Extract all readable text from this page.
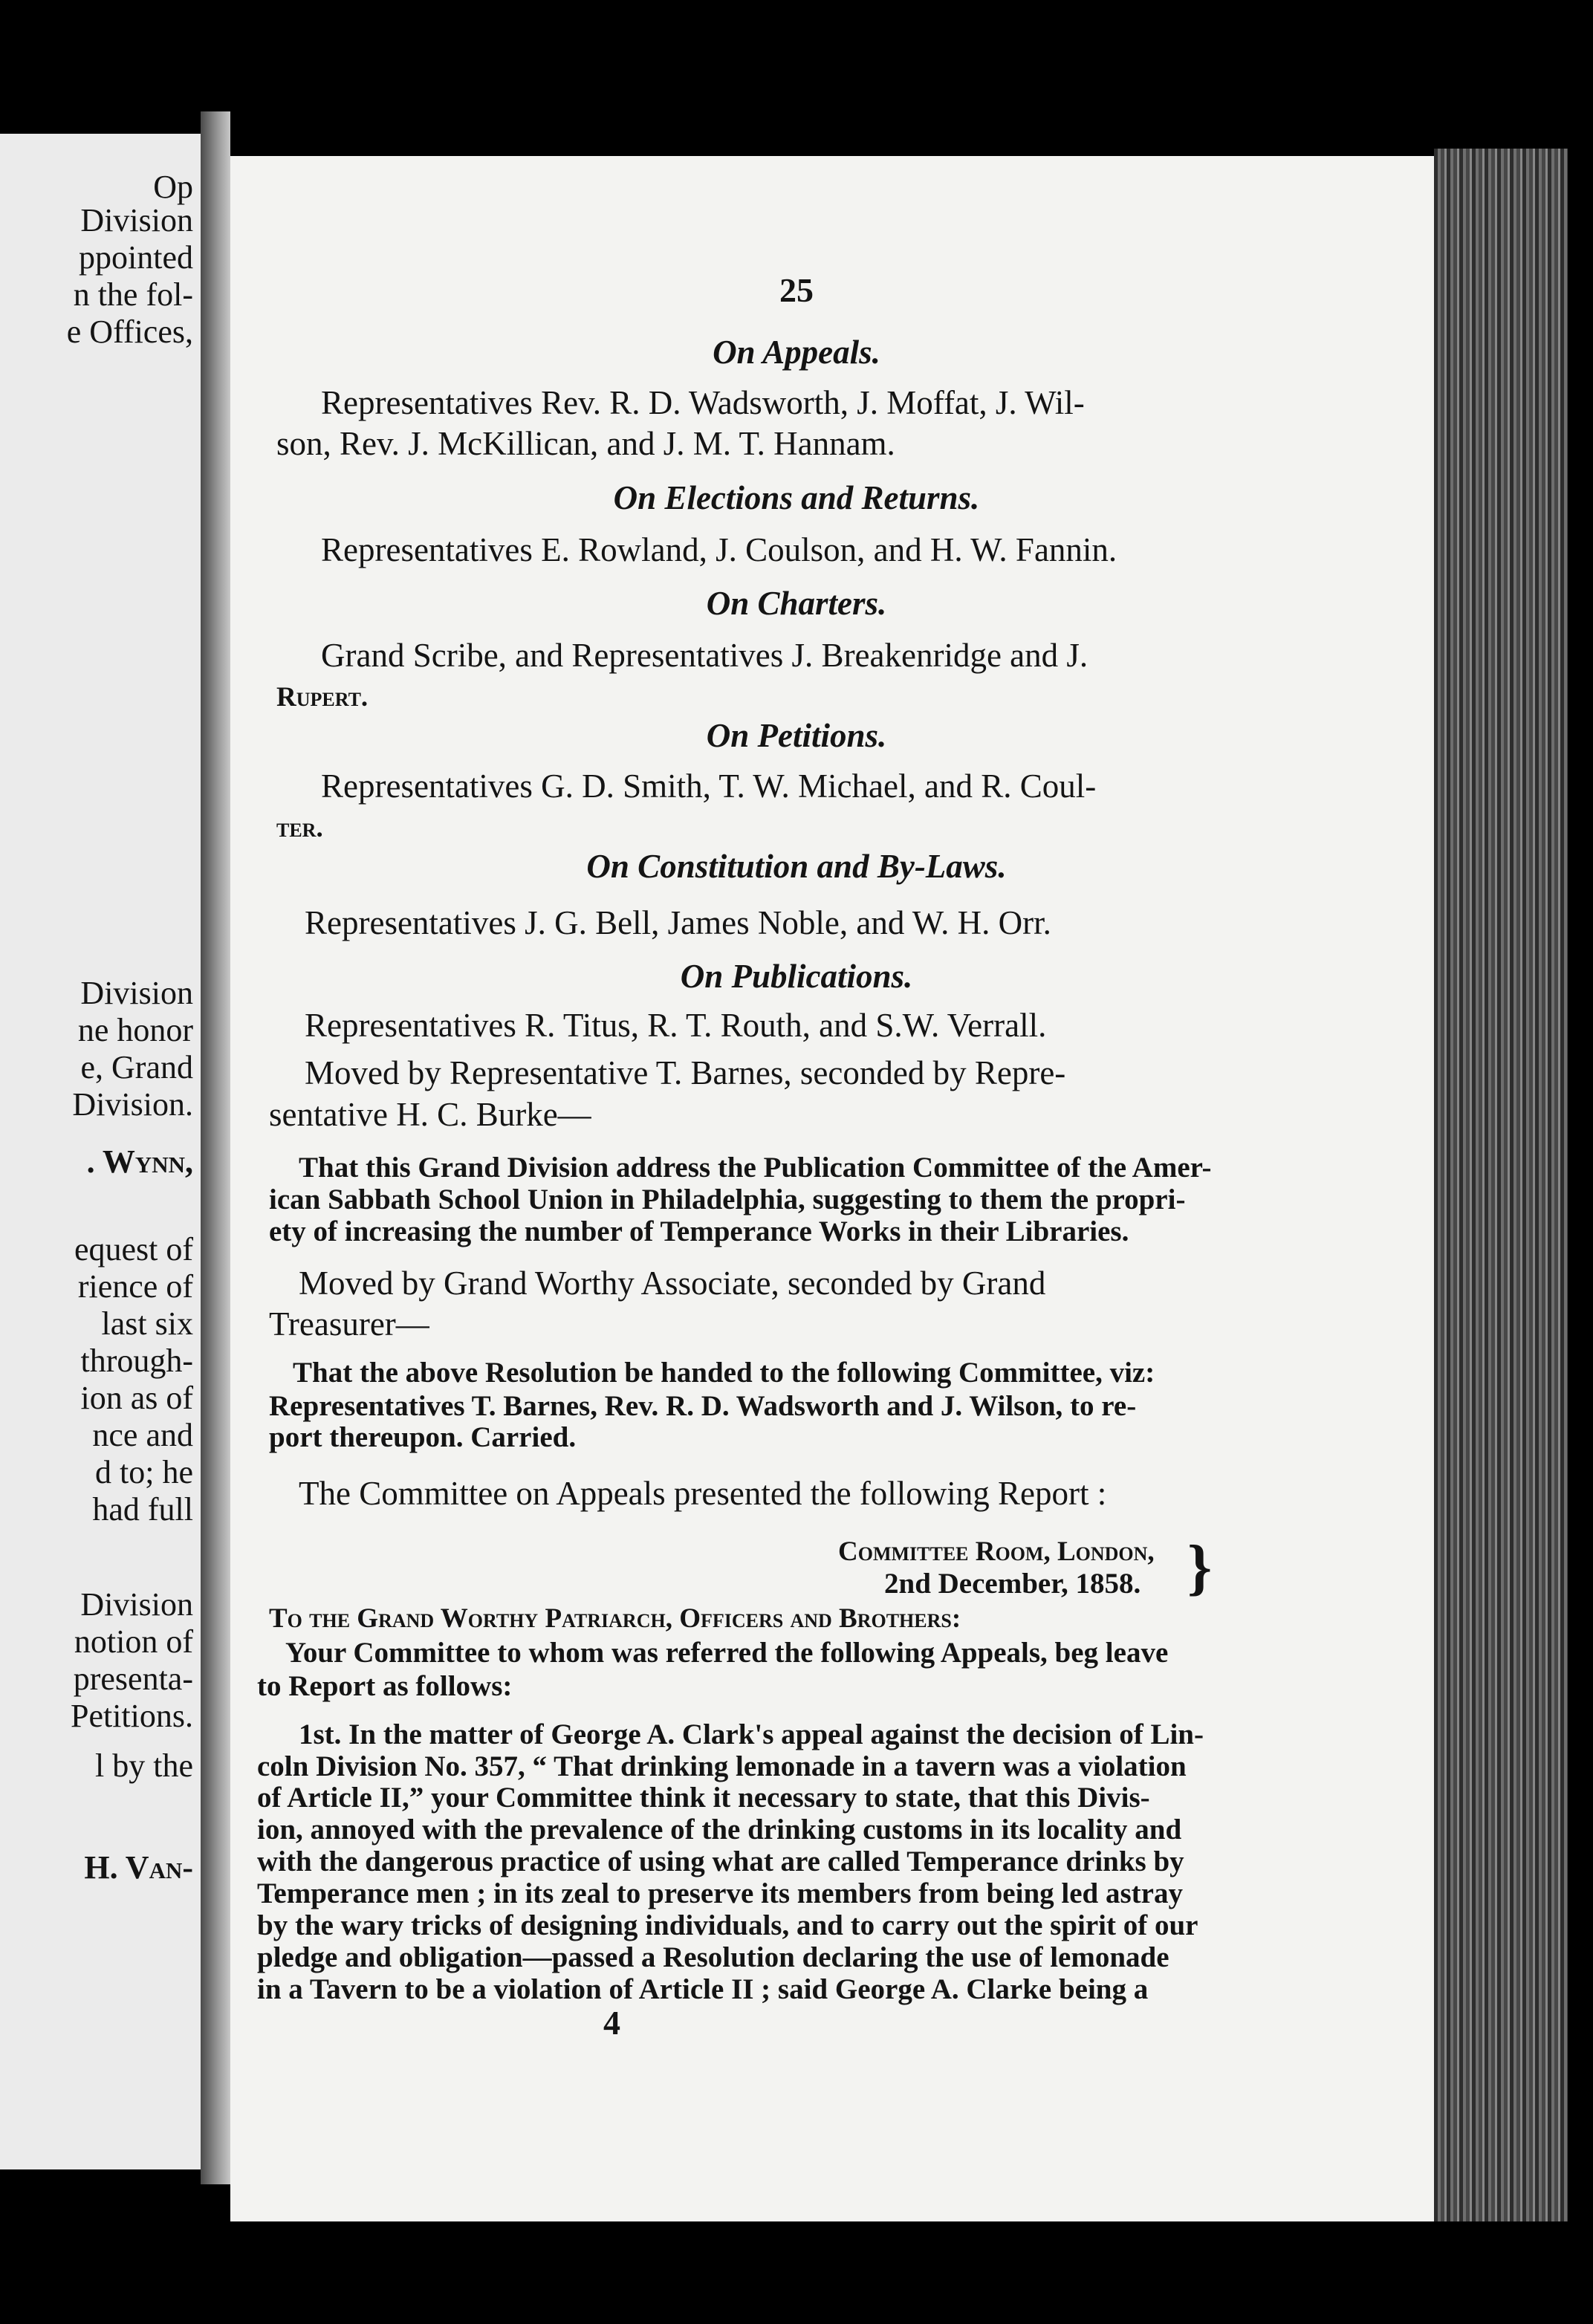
Op
Division
ppointed
n the fol-
e Offices,
Division
ne honor
e, Grand
Division.
. Wynn,
equest of
rience of
last six
through-
ion as of
nce and
d to; he
had full
Division
notion of
presenta-
Petitions.
l by the
H. Van-
25
On Appeals.
Representatives Rev. R. D. Wadsworth, J. Moffat, J. Wil-
son, Rev. J. McKillican, and J. M. T. Hannam.
On Elections and Returns.
Representatives E. Rowland, J. Coulson, and H. W. Fannin.
On Charters.
Grand Scribe, and Representatives J. Breakenridge and J.
Rupert.
On Petitions.
Representatives G. D. Smith, T. W. Michael, and R. Coul-
ter.
On Constitution and By-Laws.
Representatives J. G. Bell, James Noble, and W. H. Orr.
On Publications.
Representatives R. Titus, R. T. Routh, and S.W. Verrall.
Moved by Representative T. Barnes, seconded by Repre-
sentative H. C. Burke—
That this Grand Division address the Publication Committee of the Amer-
ican Sabbath School Union in Philadelphia, suggesting to them the propri-
ety of increasing the number of Temperance Works in their Libraries.
Moved by Grand Worthy Associate, seconded by Grand
Treasurer—
That the above Resolution be handed to the following Committee, viz:
Representatives T. Barnes, Rev. R. D. Wadsworth and J. Wilson, to re-
port thereupon. Carried.
The Committee on Appeals presented the following Report :
Committee Room, London,
2nd December, 1858. }
To the Grand Worthy Patriarch, Officers and Brothers:
Your Committee to whom was referred the following Appeals, beg leave
to Report as follows:
1st. In the matter of George A. Clark's appeal against the decision of Lin-
coln Division No. 357, “ That drinking lemonade in a tavern was a violation
of Article II,” your Committee think it necessary to state, that this Divis-
ion, annoyed with the prevalence of the drinking customs in its locality and
with the dangerous practice of using what are called Temperance drinks by
Temperance men ; in its zeal to preserve its members from being led astray
by the wary tricks of designing individuals, and to carry out the spirit of our
pledge and obligation—passed a Resolution declaring the use of lemonade
in a Tavern to be a violation of Article II ; said George A. Clarke being a
4
